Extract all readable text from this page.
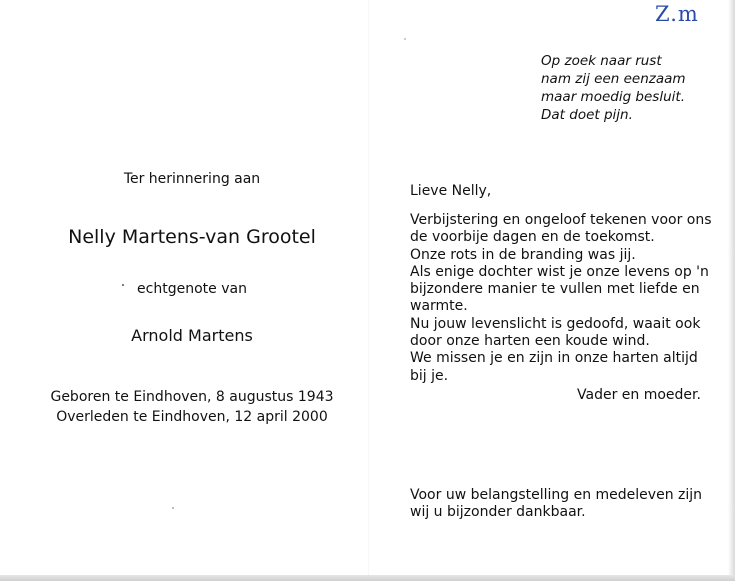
Z.m
Op zoek naar rust
nam zij een eenzaam
maar moedig besluit.
Dat doet pijn.
Ter herinnering aan
Nelly Martens-van Grootel
echtgenote van
Arnold Martens
Geboren te Eindhoven, 8 augustus 1943
Overleden te Eindhoven, 12 april 2000
Lieve Nelly,
Verbijstering en ongeloof tekenen voor ons
de voorbije dagen en de toekomst.
Onze rots in de branding was jij.
Als enige dochter wist je onze levens op 'n
bijzondere manier te vullen met liefde en
warmte.
Nu jouw levenslicht is gedoofd, waait ook
door onze harten een koude wind.
We missen je en zijn in onze harten altijd
bij je.
Vader en moeder.
Voor uw belangstelling en medeleven zijn
wij u bijzonder dankbaar.
